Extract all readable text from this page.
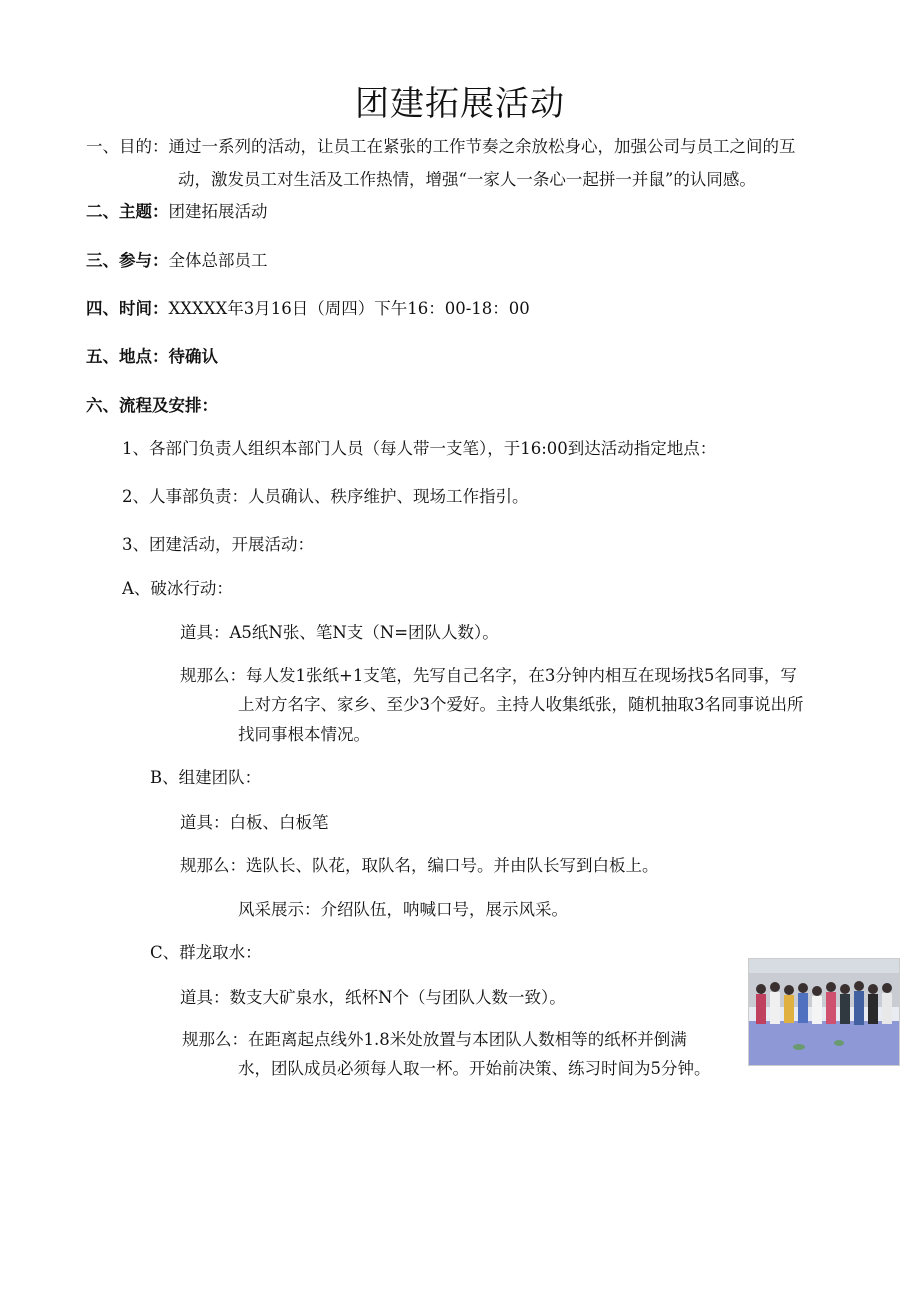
团建拓展活动
一、目的：通过一系列的活动，让员工在紧张的工作节奏之余放松身心，加强公司与员工之间的互
动，激发员工对生活及工作热情，增强“一家人一条心一起拼一并鼠”的认同感。
二、主题：团建拓展活动
三、参与：全体总部员工
四、时间：XXXXX年3月16日（周四）下午16：00-18：00
五、地点：待确认
六、流程及安排：
1、各部门负责人组织本部门人员（每人带一支笔），于16:00到达活动指定地点：
2、人事部负责：人员确认、秩序维护、现场工作指引。
3、团建活动，开展活动：
A、破冰行动：
道具：A5纸N张、笔N支（N=团队人数）。
规那么：每人发1张纸+1支笔，先写自己名字，在3分钟内相互在现场找5名同事，写
上对方名字、家乡、至少3个爱好。主持人收集纸张，随机抽取3名同事说出所
找同事根本情况。
B、组建团队：
道具：白板、白板笔
规那么：选队长、队花，取队名，编口号。并由队长写到白板上。
风采展示：介绍队伍，呐喊口号，展示风采。
C、群龙取水：
道具：数支大矿泉水，纸杯N个（与团队人数一致）。
规那么：在距离起点线外1.8米处放置与本团队人数相等的纸杯并倒满
水，团队成员必须每人取一杯。开始前决策、练习时间为5分钟。
